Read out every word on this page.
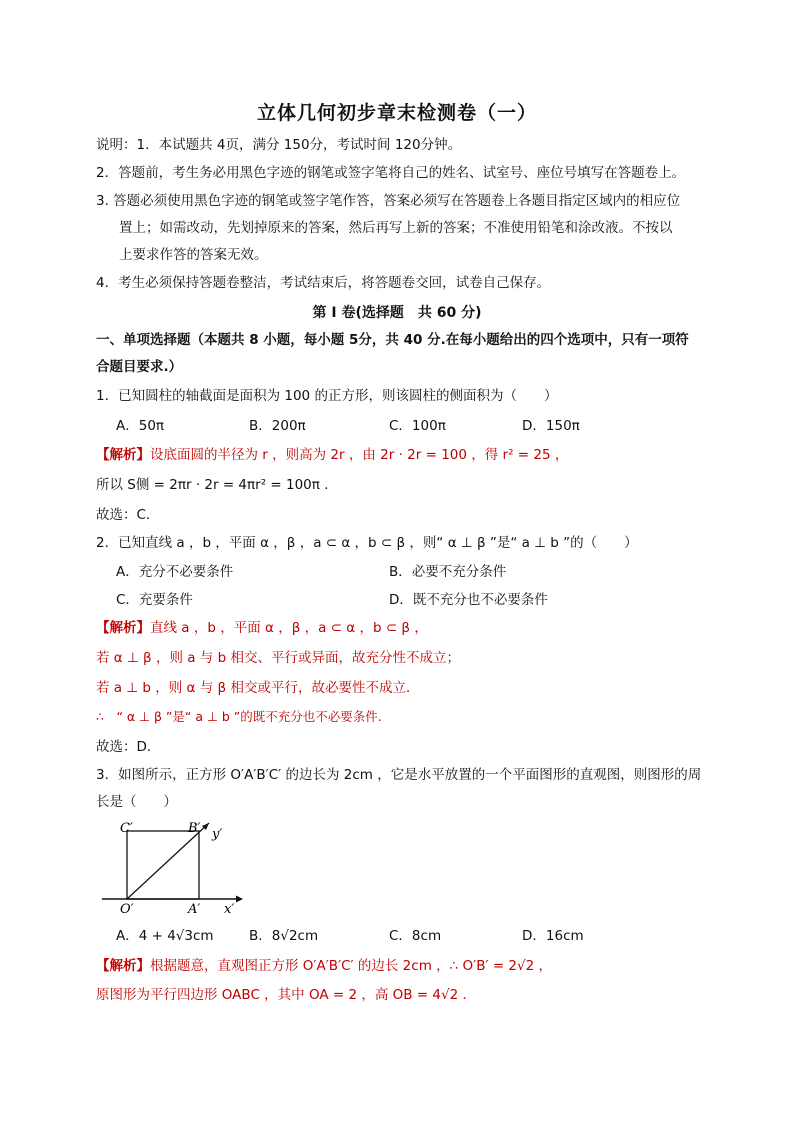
立体几何初步章末检测卷（一）
说明：1．本试题共 4页，满分 150分，考试时间 120分钟。
2．答题前，考生务必用黑色字迹的钢笔或签字笔将自己的姓名、试室号、座位号填写在答题卷上。
3. 答题必须使用黑色字迹的钢笔或签字笔作答，答案必须写在答题卷上各题目指定区域内的相应位
置上；如需改动，先划掉原来的答案，然后再写上新的答案；不准使用铅笔和涂改液。不按以
上要求作答的答案无效。
4．考生必须保持答题卷整洁，考试结束后，将答题卷交回，试卷自己保存。
第 I 卷(选择题　共 60 分)
一、单项选择题（本题共 8 小题，每小题 5分，共 40 分.在每小题给出的四个选项中，只有一项符
合题目要求.）
1．已知圆柱的轴截面是面积为 100 的正方形，则该圆柱的侧面积为（　　）
A．50π	B．200π	C．100π	D．150π
【解析】设底面圆的半径为 r ，则高为 2r ，由 2r · 2r = 100 ，得 r² = 25 ，
所以 S侧 = 2πr · 2r = 4πr² = 100π ．
故选：C．
2．已知直线 a ，b ，平面 α ，β ，a ⊂ α ，b ⊂ β ，则“ α ⊥ β ”是“ a ⊥ b ”的（　　）
A．充分不必要条件	B．必要不充分条件
C．充要条件	D．既不充分也不必要条件
【解析】直线 a ，b ，平面 α ，β ，a ⊂ α ，b ⊂ β ，
若 α ⊥ β ，则 a 与 b 相交、平行或异面，故充分性不成立；
若 a ⊥ b ，则 α 与 β 相交或平行，故必要性不成立．
∴　“ α ⊥ β ”是“ a ⊥ b ”的既不充分也不必要条件.
故选：D．
3．如图所示，正方形 O′A′B′C′ 的边长为 2cm ，它是水平放置的一个平面图形的直观图，则图形的周
长是（　　）
C′	B′ y′
O′	A′ x′
A．4 + 4√3cm	B．8√2cm	C．8cm	D．16cm
【解析】根据题意，直观图正方形 O′A′B′C′ 的边长 2cm ，∴ O′B′ = 2√2 ，
原图形为平行四边形 OABC ，其中 OA = 2 ，高 OB = 4√2 ．
